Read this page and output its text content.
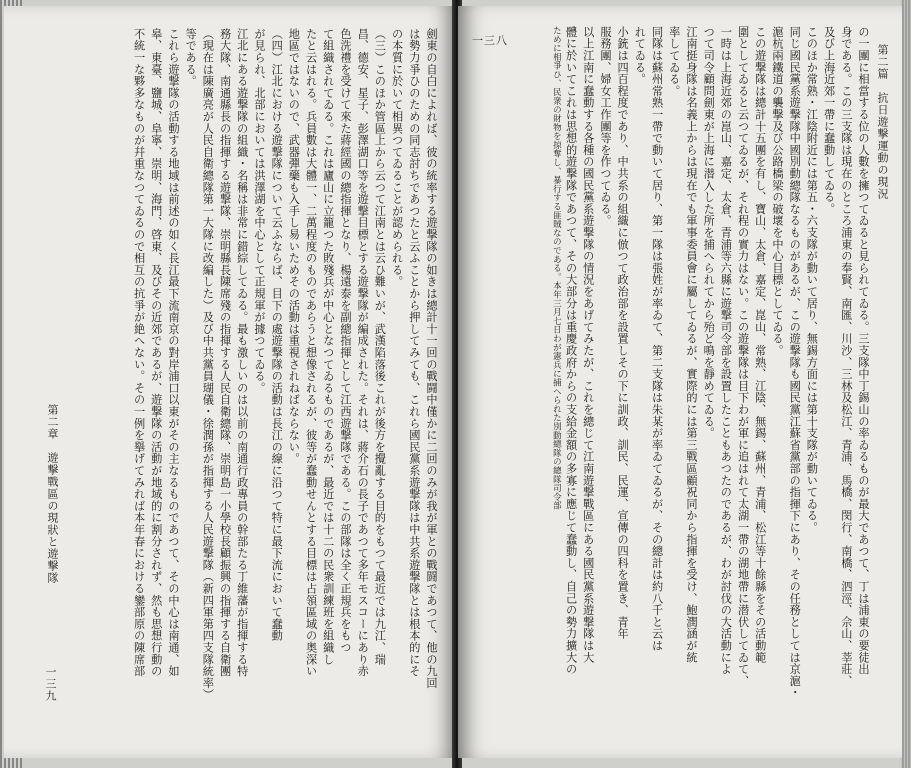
劍東の自白によれば、彼の統率する遊撃隊の如きは總計十一回の戰闘中僅かに二回のみが我が軍との戰闘であつて、他の九回
は勢力爭ひのための同志討ちであつたと云ふことから押してみても、これら國民黨系遊撃隊は中共系遊撃隊とは根本的にそ
の本質に於いて相異つてゐることが認められる。
（三）このほか管區上から云つて江南とは云ひ難いが、武漢陷落後これが後方を攪亂する目的をもつて最近では九江、瑞
昌、德安、星子、彭澤湖口等を遊撃目標とする遊撃隊が編成された。それは、蔣介石の長子であつて多年モスコーにあり赤
色洗禮を受けて來た蔣經國の總指揮となり、楊遠泰を副總指揮として江西遊撃隊である。この部隊は全く正規兵をもつ
て組織されてゐる。これは廬山に立籠つた敗殘兵が中心となつてゐるものであるが、最近では十二の民衆訓練班を組織し
たと云はれる。兵員數は大體一、二萬程度のものであらうと想像されるが、彼等が蠢動せんとする目標は占領區域の奥深い
地區ではないので、武器彈藥も入手し易いためその活動は重視されねばならない。
（四）江北における遊撃隊について云ふならば、目下の處遊撃隊の活動は長江の線に沿つて特に最下流において蠢動
が見られ、北部においては洪澤湖を中心として正規軍が據つてゐる。
江北にある遊撃隊の組織・名稱は非常に錯綜してゐる。最も激しいのは以前の南通行政專員の幹部たる丁維藩が指揮する特
務大隊、南通縣長の指揮する遊撃隊、崇明縣長陳席殘の指揮する人民自衛總隊、崇明島一小學校長顧振興の指揮する自衛團
（現在は陳廣亮が人民自衛總隊第一大隊に改編した）及び中共黨員瑚儀・徐潤孫が指揮する人民遊撃隊（新四軍第四支隊統率）
等である。
これら遊撃隊の活動する地域は前述の如く長江最下流南京の對岸浦口以東がその主なるものであつて、その中心は南通、如
皋、東臺、鹽城、阜寧、崇明、海門、啓東、及びその近郊であるが、遊撃隊の活動が地域的に割分されず、然も思想行動の
不統一な夥多なものが幷重なつてゐるので相互の抗爭が絶へない。その一例を擧げてみれば本年春における鑾部原の陳席部
第二章　遊撃戰區の現狀と遊撃隊
一三九
第二篇　抗日遊撃運動の現況
一三八	の一團に相當する位の人數を擁つてゐると見られてゐる。三支隊中丁錫山の率ゐるものが最大であつて、丁は浦東の要徒出
身である。この三支隊は現在のところ浦東の奉賢、南匯、川沙、三林及松江、青浦、馬橋、閔行、南橋、泗涇、佘山、莘莊、
及び上海近郊一帶に蠢動してゐる。
このほか常熟・江陰附近には第五・六支隊が動いて居り、無錫方面には第十支隊が動いてゐる。
同じ國民黨系遊撃隊中國別動總隊なるものがあるが、この遊撃隊も國民黨江蘇省黨部の指揮下にあり、その任務としては京滬・
滬杭兩鐵道の襲撃及び公路橋梁の破壞を中心目標としてゐる。
この遊撃隊は總計十五團を有し、寶山、太倉、嘉定、崑山、常熟、江陰、無錫、蘇州、青浦、松江等十餘縣をその活動範
圍としてゐると云つてゐるが、それ程の實力はない。この遊撃隊は目下わが軍に追はれて太湖一帶の湖地帶に潜伏してゐて、
一時は上海近郊の崑山、嘉定、太倉、青浦等六縣に遊撃司令部を設置したこともあつたのであるが、わが討伐の大活動によ
つて司令顧問劍東が上海に潜入した所を捕へられてから殆ど鳴を靜めてゐる。
江南挺身隊は名義上からは現在でも軍事委員會に屬してゐるが、實際的には第三戰區顧祝同から指揮を受け、鮑潤涵が統
率してゐる。
同隊は蘇州常熟一帶で動いて居り、第一隊は張姓が率ゐて、第二支隊は朱某が率ゐてゐるが、その總計は約八千と云は
れてゐる。
小銃は四百程度であり、中共系の組織に倣つて政治部を設置しその下に訓政、訓民、民運、宣傳の四科を置き、青年
服務團、婦女工作團等を作つてゐる。
以上江南に蠢動する各種の國民黨系遊撃隊の情況をあげてみたが、これを總じて江南遊撃戰區にある國民黨系遊撃隊は大
體に於いてこれは思想的遊撃隊であつて、その大部分は重慶政府からの支給金額の多寡に應じて蠢動し、自己の勢力擴大の
ために相爭ひ、民衆の財物を掠奪し、暴行する匪賊なのである。本年三月七日わが憲兵に捕へられた別動總隊の總隊司令部
